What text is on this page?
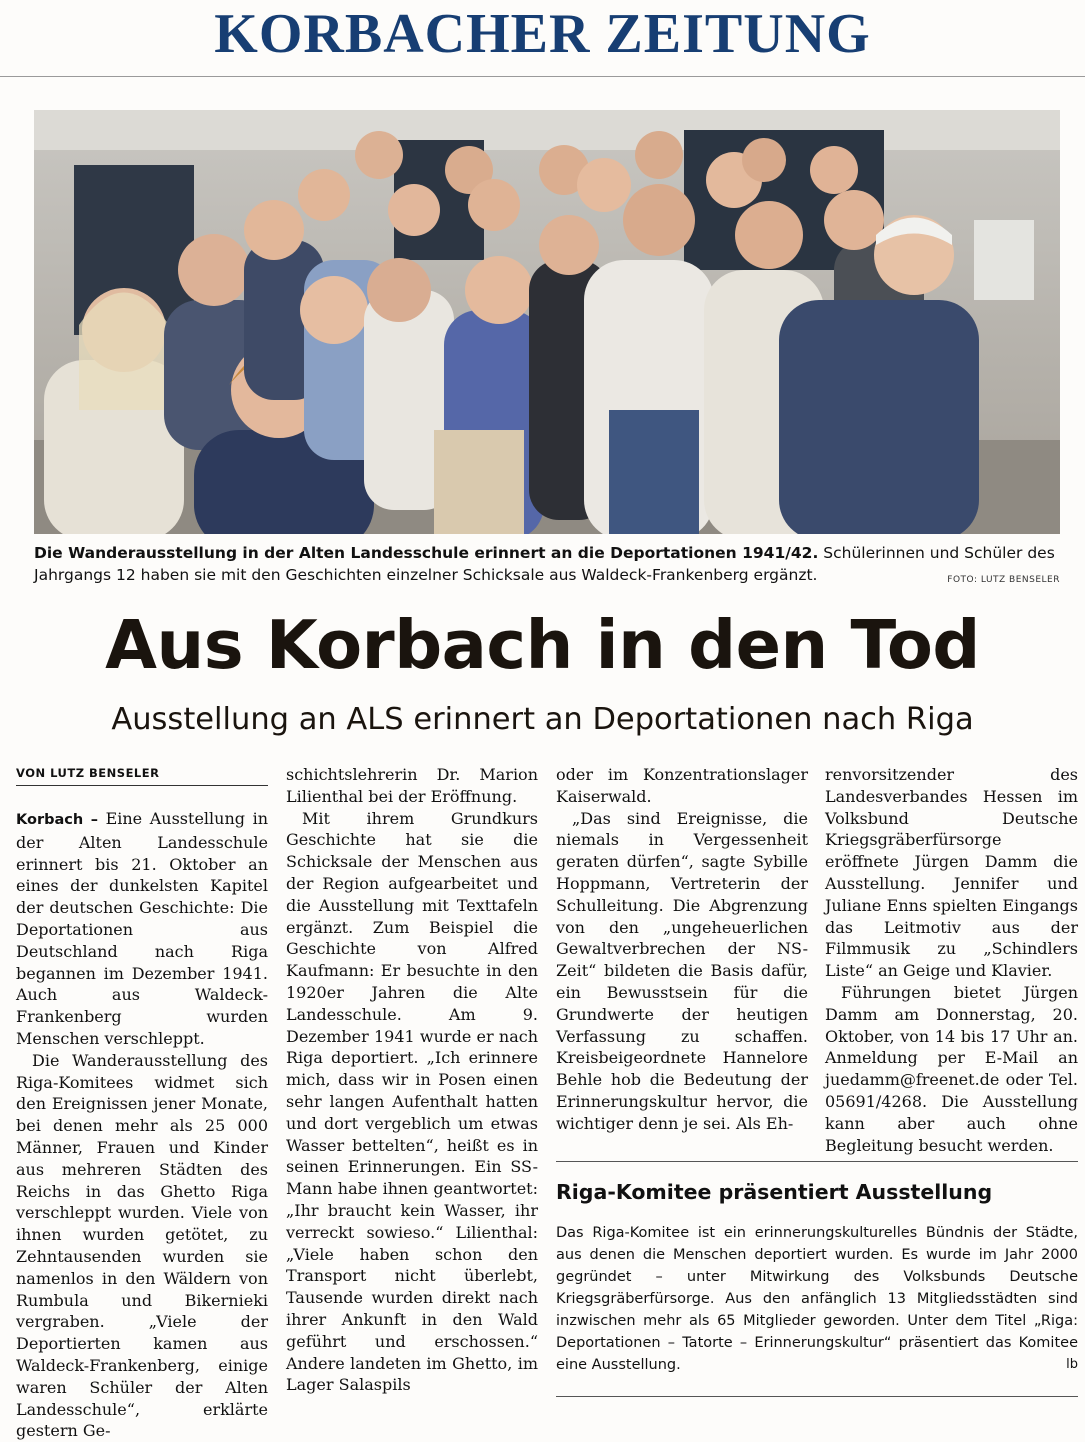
KORBACHER ZEITUNG
Die Wanderausstellung in der Alten Landesschule erinnert an die Deportationen 1941/42. Schülerinnen und Schüler des Jahrgangs 12 haben sie mit den Geschichten einzelner Schicksale aus Waldeck-Frankenberg ergänzt.	FOTO: LUTZ BENSELER
Aus Korbach in den Tod
Ausstellung an ALS erinnert an Deportationen nach Riga
VON LUTZ BENSELER

Korbach – Eine Ausstellung in der Alten Landesschule erinnert bis 21. Oktober an eines der dunkelsten Kapitel der deutschen Geschichte: Die Deportationen aus Deutschland nach Riga begannen im Dezember 1941. Auch aus Waldeck-Frankenberg wurden Menschen verschleppt.

Die Wanderausstellung des Riga-Komitees widmet sich den Ereignissen jener Monate, bei denen mehr als 25 000 Männer, Frauen und Kinder aus mehreren Städten des Reichs in das Ghetto Riga verschleppt wurden. Viele von ihnen wurden getötet, zu Zehntausenden wurden sie namenlos in den Wäldern von Rumbula und Bikernieki vergraben. „Viele der Deportierten kamen aus Waldeck-Frankenberg, einige waren Schüler der Alten Landesschule“, erklärte gestern Ge-

schichtslehrerin Dr. Marion Lilienthal bei der Eröffnung.

Mit ihrem Grundkurs Geschichte hat sie die Schicksale der Menschen aus der Region aufgearbeitet und die Ausstellung mit Texttafeln ergänzt. Zum Beispiel die Geschichte von Alfred Kaufmann: Er besuchte in den 1920er Jahren die Alte Landesschule. Am 9. Dezember 1941 wurde er nach Riga deportiert. „Ich erinnere mich, dass wir in Posen einen sehr langen Aufenthalt hatten und dort vergeblich um etwas Wasser bettelten“, heißt es in seinen Erinnerungen. Ein SS-Mann habe ihnen geantwortet: „Ihr braucht kein Wasser, ihr verreckt sowieso.“ Lilienthal: „Viele haben schon den Transport nicht überlebt, Tausende wurden direkt nach ihrer Ankunft in den Wald geführt und erschossen.“ Andere landeten im Ghetto, im Lager Salaspils

oder im Konzentrationslager Kaiserwald.

„Das sind Ereignisse, die niemals in Vergessenheit geraten dürfen“, sagte Sybille Hoppmann, Vertreterin der Schulleitung. Die Abgrenzung von den „ungeheuerlichen Gewaltverbrechen der NS-Zeit“ bildeten die Basis dafür, ein Bewusstsein für die Grundwerte der heutigen Verfassung zu schaffen. Kreisbeigeordnete Hannelore Behle hob die Bedeutung der Erinnerungskultur hervor, die wichtiger denn je sei. Als Eh-

renvorsitzender des Landesverbandes Hessen im Volksbund Deutsche Kriegsgräberfürsorge eröffnete Jürgen Damm die Ausstellung. Jennifer und Juliane Enns spielten Eingangs das Leitmotiv aus der Filmmusik zu „Schindlers Liste“ an Geige und Klavier.

Führungen bietet Jürgen Damm am Donnerstag, 20. Oktober, von 14 bis 17 Uhr an. Anmeldung per E-Mail an juedamm@freenet.de oder Tel. 05691/4268. Die Ausstellung kann aber auch ohne Begleitung besucht werden.

Riga-Komitee präsentiert Ausstellung
Das Riga-Komitee ist ein erinnerungskulturelles Bündnis der Städte, aus denen die Menschen deportiert wurden. Es wurde im Jahr 2000 gegründet – unter Mitwirkung des Volksbunds Deutsche Kriegsgräberfürsorge. Aus den anfänglich 13 Mitgliedsstädten sind inzwischen mehr als 65 Mitglieder geworden. Unter dem Titel „Riga: Deportationen – Tatorte – Erinnerungskultur“ präsentiert das Komitee eine Ausstellung.	lb
